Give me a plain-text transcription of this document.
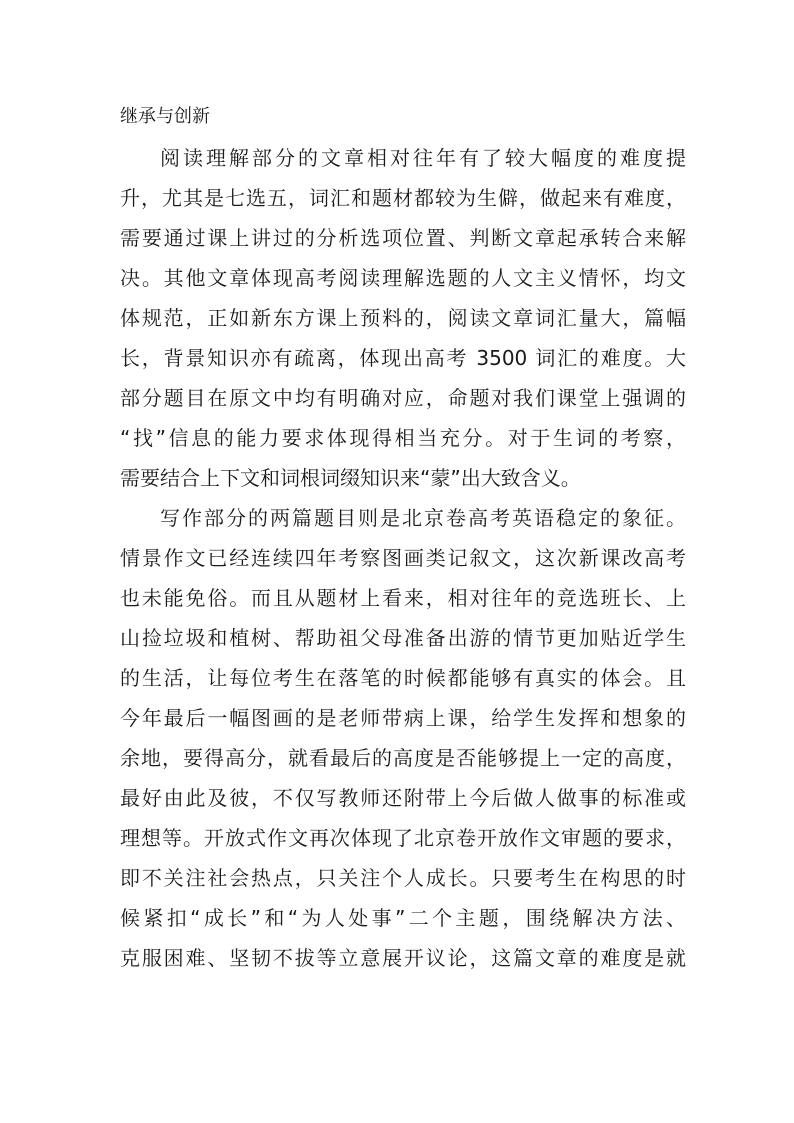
继承与创新
阅读理解部分的文章相对往年有了较大幅度的难度提
升，尤其是七选五，词汇和题材都较为生僻，做起来有难度，
需要通过课上讲过的分析选项位置、判断文章起承转合来解
决。其他文章体现高考阅读理解选题的人文主义情怀，均文
体规范，正如新东方课上预料的，阅读文章词汇量大，篇幅
长，背景知识亦有疏离，体现出高考 3500 词汇的难度。大
部分题目在原文中均有明确对应，命题对我们课堂上强调的
“找”信息的能力要求体现得相当充分。对于生词的考察，
需要结合上下文和词根词缀知识来“蒙”出大致含义。
写作部分的两篇题目则是北京卷高考英语稳定的象征。
情景作文已经连续四年考察图画类记叙文，这次新课改高考
也未能免俗。而且从题材上看来，相对往年的竞选班长、上
山捡垃圾和植树、帮助祖父母准备出游的情节更加贴近学生
的生活，让每位考生在落笔的时候都能够有真实的体会。且
今年最后一幅图画的是老师带病上课，给学生发挥和想象的
余地，要得高分，就看最后的高度是否能够提上一定的高度，
最好由此及彼，不仅写教师还附带上今后做人做事的标准或
理想等。开放式作文再次体现了北京卷开放作文审题的要求，
即不关注社会热点，只关注个人成长。只要考生在构思的时
候紧扣“成长”和“为人处事”二个主题，围绕解决方法、
克服困难、坚韧不拔等立意展开议论，这篇文章的难度是就
